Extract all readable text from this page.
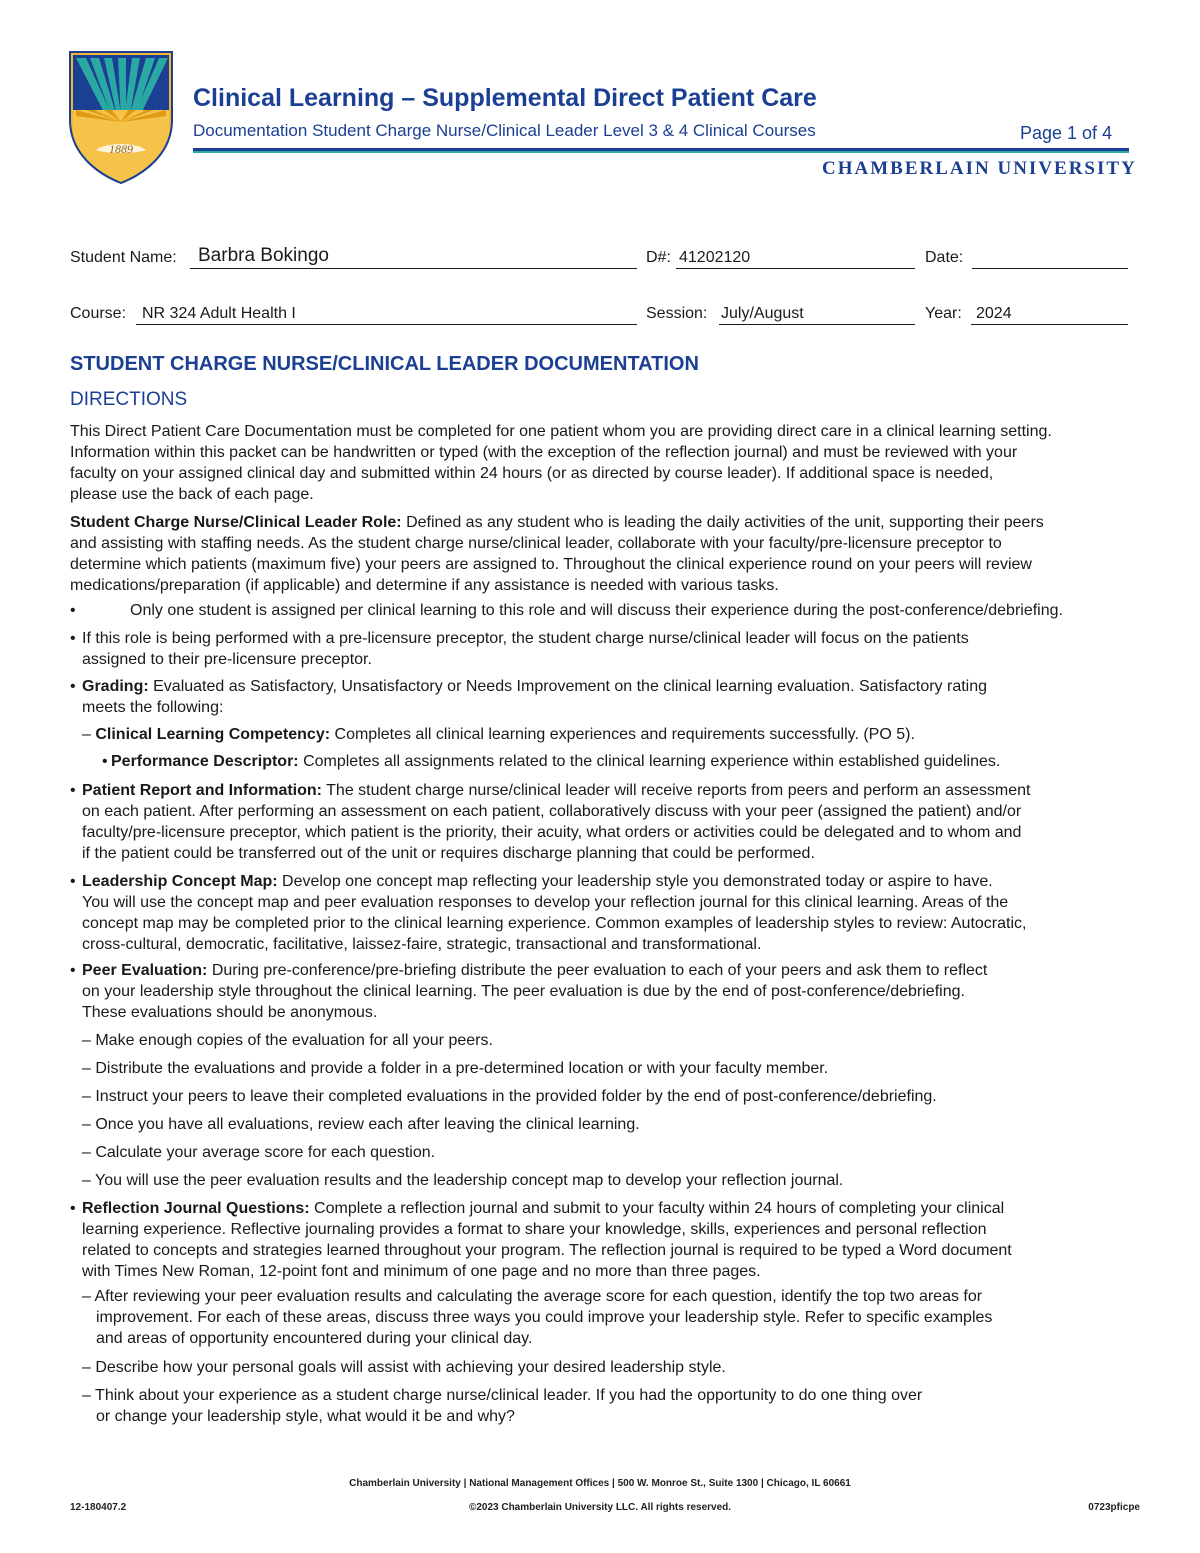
1889
Clinical Learning – Supplemental Direct Patient Care
Documentation Student Charge Nurse/Clinical Leader Level 3 & 4 Clinical Courses	Page 1 of 4
CHAMBERLAIN UNIVERSITY
Student Name: Barbra Bokingo	D#: 41202120	Date:
Course: NR 324 Adult Health I	Session: July/August	Year: 2024
STUDENT CHARGE NURSE/CLINICAL LEADER DOCUMENTATION
DIRECTIONS
This Direct Patient Care Documentation must be completed for one patient whom you are providing direct care in a clinical learning setting.
Information within this packet can be handwritten or typed (with the exception of the reflection journal) and must be reviewed with your
faculty on your assigned clinical day and submitted within 24 hours (or as directed by course leader). If additional space is needed,
please use the back of each page.
Student Charge Nurse/Clinical Leader Role: Defined as any student who is leading the daily activities of the unit, supporting their peers
and assisting with staffing needs. As the student charge nurse/clinical leader, collaborate with your faculty/pre-licensure preceptor to
determine which patients (maximum five) your peers are assigned to. Throughout the clinical experience round on your peers will review
medications/preparation (if applicable) and determine if any assistance is needed with various tasks.
•	Only one student is assigned per clinical learning to this role and will discuss their experience during the post-conference/debriefing.
• If this role is being performed with a pre-licensure preceptor, the student charge nurse/clinical leader will focus on the patients
assigned to their pre-licensure preceptor.
• Grading: Evaluated as Satisfactory, Unsatisfactory or Needs Improvement on the clinical learning evaluation. Satisfactory rating
meets the following:
– Clinical Learning Competency: Completes all clinical learning experiences and requirements successfully. (PO 5).
• Performance Descriptor: Completes all assignments related to the clinical learning experience within established guidelines.
• Patient Report and Information: The student charge nurse/clinical leader will receive reports from peers and perform an assessment
on each patient. After performing an assessment on each patient, collaboratively discuss with your peer (assigned the patient) and/or
faculty/pre-licensure preceptor, which patient is the priority, their acuity, what orders or activities could be delegated and to whom and
if the patient could be transferred out of the unit or requires discharge planning that could be performed.
• Leadership Concept Map: Develop one concept map reflecting your leadership style you demonstrated today or aspire to have.
You will use the concept map and peer evaluation responses to develop your reflection journal for this clinical learning. Areas of the
concept map may be completed prior to the clinical learning experience. Common examples of leadership styles to review: Autocratic,
cross-cultural, democratic, facilitative, laissez-faire, strategic, transactional and transformational.
• Peer Evaluation: During pre-conference/pre-briefing distribute the peer evaluation to each of your peers and ask them to reflect
on your leadership style throughout the clinical learning. The peer evaluation is due by the end of post-conference/debriefing.
These evaluations should be anonymous.
– Make enough copies of the evaluation for all your peers.
– Distribute the evaluations and provide a folder in a pre-determined location or with your faculty member.
– Instruct your peers to leave their completed evaluations in the provided folder by the end of post-conference/debriefing.
– Once you have all evaluations, review each after leaving the clinical learning.
– Calculate your average score for each question.
– You will use the peer evaluation results and the leadership concept map to develop your reflection journal.
• Reflection Journal Questions: Complete a reflection journal and submit to your faculty within 24 hours of completing your clinical
learning experience. Reflective journaling provides a format to share your knowledge, skills, experiences and personal reflection
related to concepts and strategies learned throughout your program. The reflection journal is required to be typed a Word document
with Times New Roman, 12-point font and minimum of one page and no more than three pages.
– After reviewing your peer evaluation results and calculating the average score for each question, identify the top two areas for
improvement. For each of these areas, discuss three ways you could improve your leadership style. Refer to specific examples
and areas of opportunity encountered during your clinical day.
– Describe how your personal goals will assist with achieving your desired leadership style.
– Think about your experience as a student charge nurse/clinical leader. If you had the opportunity to do one thing over
or change your leadership style, what would it be and why?
Chamberlain University | National Management Offices | 500 W. Monroe St., Suite 1300 | Chicago, IL 60661
12-180407.2	©2023 Chamberlain University LLC. All rights reserved.	0723pficpe
